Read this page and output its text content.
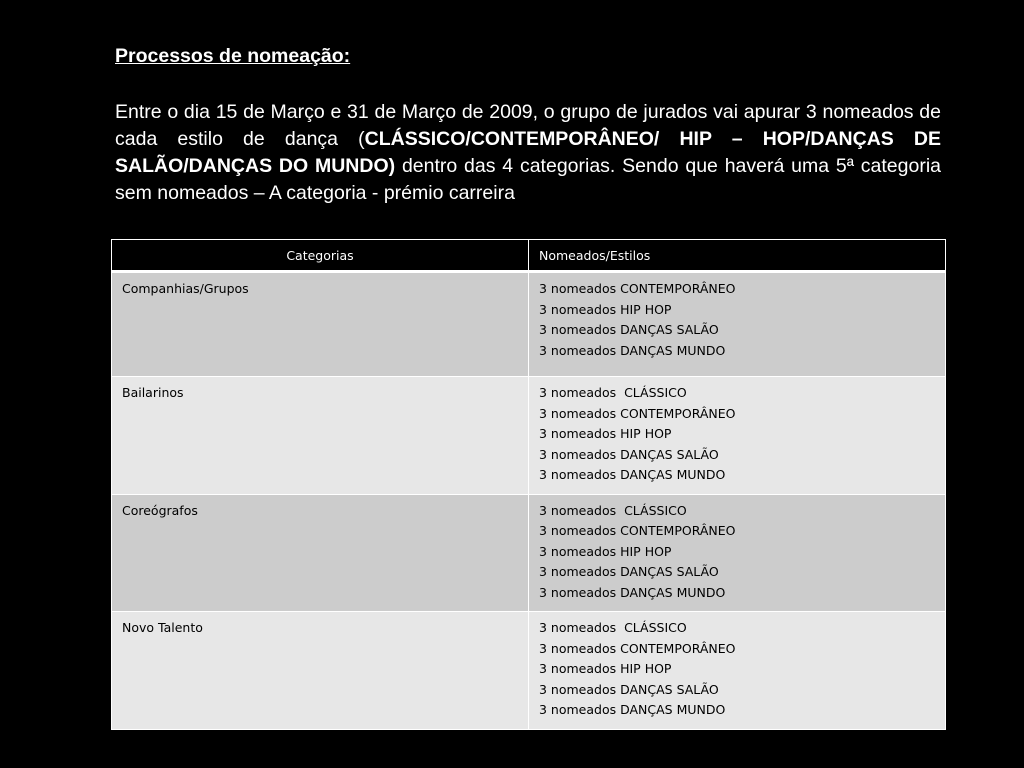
Processos de nomeação:
Entre o dia 15 de Março e 31 de Março de 2009, o grupo de jurados vai apurar 3 nomeados de cada estilo de dança (CLÁSSICO/CONTEMPORÂNEO/ HIP – HOP/DANÇAS DE SALÃO/DANÇAS DO MUNDO) dentro das 4 categorias. Sendo que haverá uma 5ª categoria sem nomeados – A categoria - prémio carreira
Categorias	Nomeados/Estilos

Companhias/Grupos	3 nomeados CONTEMPORÂNEO
3 nomeados HIP HOP
3 nomeados DANÇAS SALÃO
3 nomeados DANÇAS MUNDO

Bailarinos	3 nomeados  CLÁSSICO
3 nomeados CONTEMPORÂNEO
3 nomeados HIP HOP
3 nomeados DANÇAS SALÃO
3 nomeados DANÇAS MUNDO

Coreógrafos	3 nomeados  CLÁSSICO
3 nomeados CONTEMPORÂNEO
3 nomeados HIP HOP
3 nomeados DANÇAS SALÃO
3 nomeados DANÇAS MUNDO

Novo Talento	3 nomeados  CLÁSSICO
3 nomeados CONTEMPORÂNEO
3 nomeados HIP HOP
3 nomeados DANÇAS SALÃO
3 nomeados DANÇAS MUNDO
